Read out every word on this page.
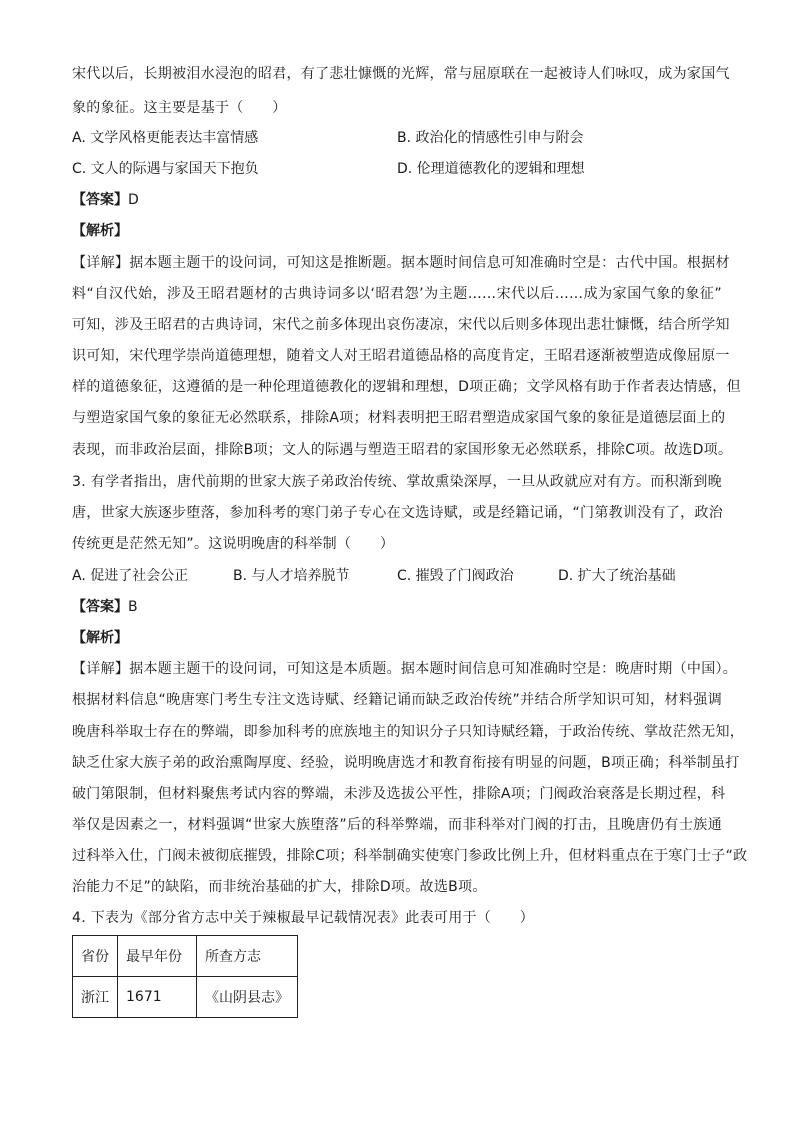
宋代以后，长期被泪水浸泡的昭君，有了悲壮慷慨的光辉，常与屈原联在一起被诗人们咏叹，成为家国气
象的象征。这主要是基于（　　）
A. 文学风格更能表达丰富情感	B. 政治化的情感性引申与附会
C. 文人的际遇与家国天下抱负	D. 伦理道德教化的逻辑和理想
【答案】D
【解析】
【详解】据本题主题干的设问词，可知这是推断题。据本题时间信息可知准确时空是：古代中国。根据材
料“自汉代始，涉及王昭君题材的古典诗词多以‘昭君怨’为主题……宋代以后……成为家国气象的象征”
可知，涉及王昭君的古典诗词，宋代之前多体现出哀伤凄凉，宋代以后则多体现出悲壮慷慨，结合所学知
识可知，宋代理学崇尚道德理想，随着文人对王昭君道德品格的高度肯定，王昭君逐渐被塑造成像屈原一
样的道德象征，这遵循的是一种伦理道德教化的逻辑和理想，D项正确；文学风格有助于作者表达情感，但
与塑造家国气象的象征无必然联系，排除A项；材料表明把王昭君塑造成家国气象的象征是道德层面上的
表现，而非政治层面，排除B项；文人的际遇与塑造王昭君的家国形象无必然联系，排除C项。故选D项。
3. 有学者指出，唐代前期的世家大族子弟政治传统、掌故熏染深厚，一旦从政就应对有方。而积渐到晚
唐，世家大族逐步堕落，参加科考的寒门弟子专心在文选诗赋，或是经籍记诵，“门第教训没有了，政治
传统更是茫然无知”。这说明晚唐的科举制（　　）
A. 促进了社会公正	B. 与人才培养脱节	C. 摧毁了门阀政治	D. 扩大了统治基础
【答案】B
【解析】
【详解】据本题主题干的设问词，可知这是本质题。据本题时间信息可知准确时空是：晚唐时期（中国）。
根据材料信息“晚唐寒门考生专注文选诗赋、经籍记诵而缺乏政治传统”并结合所学知识可知，材料强调
晚唐科举取士存在的弊端，即参加科考的庶族地主的知识分子只知诗赋经籍，于政治传统、掌故茫然无知，
缺乏仕家大族子弟的政治熏陶厚度、经验，说明晚唐选才和教育衔接有明显的问题，B项正确；科举制虽打
破门第限制，但材料聚焦考试内容的弊端，未涉及选拔公平性，排除A项；门阀政治衰落是长期过程，科
举仅是因素之一，材料强调“世家大族堕落”后的科举弊端，而非科举对门阀的打击，且晚唐仍有士族通
过科举入仕，门阀未被彻底摧毁，排除C项；科举制确实使寒门参政比例上升，但材料重点在于寒门士子“政
治能力不足”的缺陷，而非统治基础的扩大，排除D项。故选B项。
4. 下表为《部分省方志中关于辣椒最早记载情况表》此表可用于（　　）
省份	最早年份	所查方志
浙江	1671	《山阴县志》
